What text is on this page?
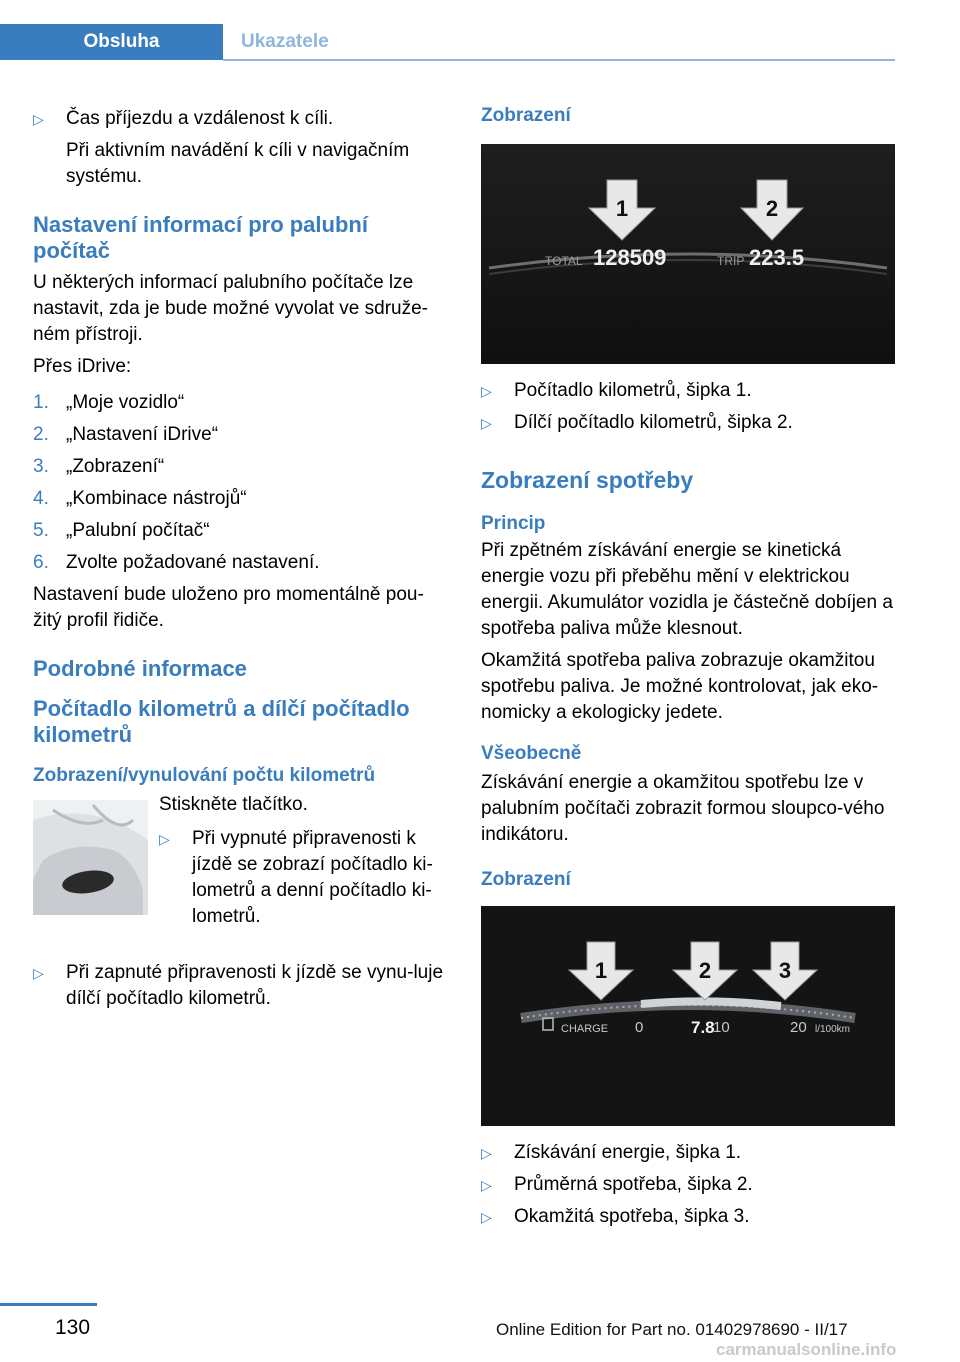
Obsluha	Ukazatele
▷ Čas příjezdu a vzdálenost k cíli.

Při aktivním navádění k cíli v navigačním systému.

Nastavení informací pro palubní počítač

U některých informací palubního počítače lze nastavit, zda je bude možné vyvolat ve sdruže-ném přístroji.

Přes iDrive:

1. „Moje vozidlo“
2. „Nastavení iDrive“
3. „Zobrazení“
4. „Kombinace nástrojů“
5. „Palubní počítač“
6. Zvolte požadované nastavení.

Nastavení bude uloženo pro momentálně pou-žitý profil řidiče.

Podrobné informace
Počítadlo kilometrů a dílčí počítadlo kilometrů
Zobrazení/vynulování počtu kilometrů

Stiskněte tlačítko.

▷ Při vypnuté připravenosti k jízdě se zobrazí počítadlo ki-lometrů a denní počítadlo ki-lometrů.
▷ Při zapnuté připravenosti k jízdě se vynu-luje dílčí počítadlo kilometrů.
Zobrazení
1	2
TOTAL 128509	TRIP 223.5
▷ Počítadlo kilometrů, šipka 1.
▷ Dílčí počítadlo kilometrů, šipka 2.
Zobrazení spotřeby
Princip

Při zpětném získávání energie se kinetická energie vozu při přeběhu mění v elektrickou energii. Akumulátor vozidla je částečně dobíjen a spotřeba paliva může klesnout.

Okamžitá spotřeba paliva zobrazuje okamžitou spotřebu paliva. Je možné kontrolovat, jak eko-nomicky a ekologicky jedete.

Všeobecně

Získávání energie a okamžitou spotřebu lze v palubním počítači zobrazit formou sloupco-vého indikátoru.

Zobrazení
1	2	3
CHARGE 0	7.8
10	20 l/100km
▷ Získávání energie, šipka 1.
▷ Průměrná spotřeba, šipka 2.
▷ Okamžitá spotřeba, šipka 3.
130	Online Edition for Part no. 01402978690 - II/17
carmanualsonline.info
